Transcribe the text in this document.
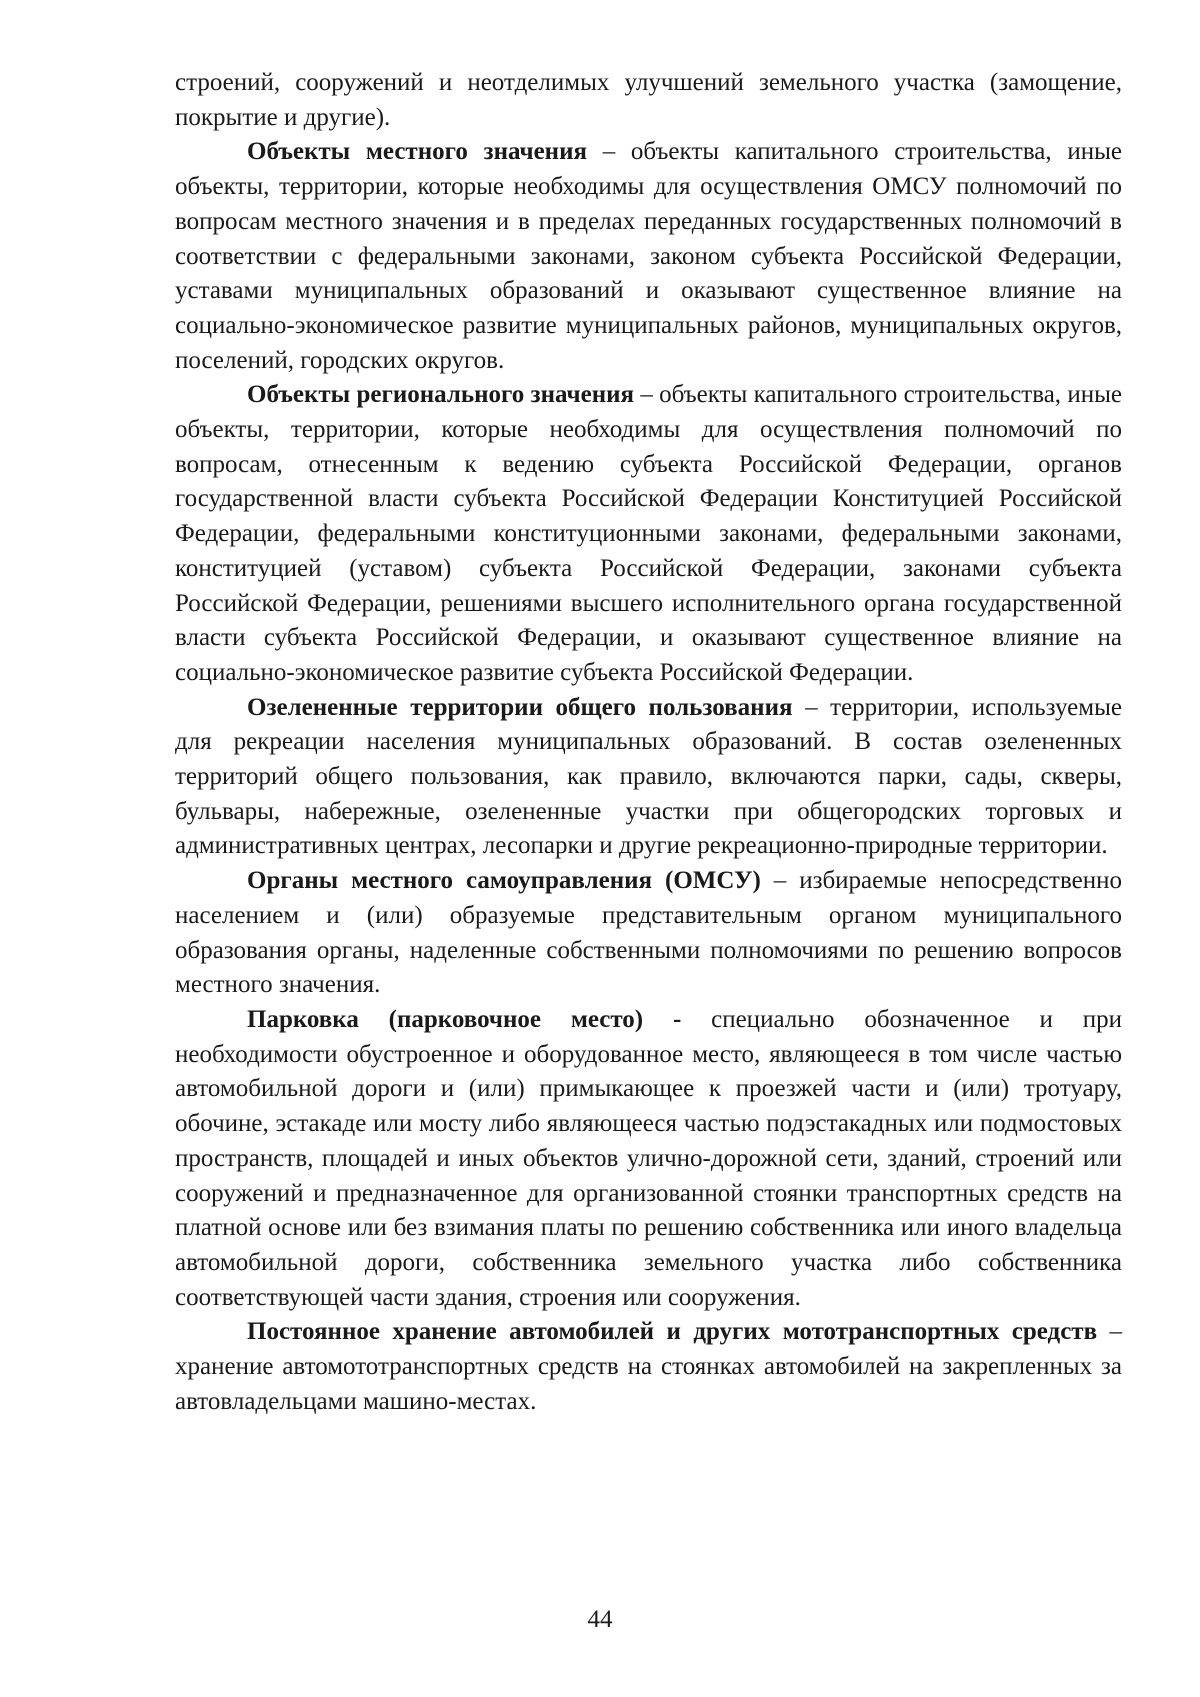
строений, сооружений и неотделимых улучшений земельного участка (замощение, покрытие и другие).

Объекты местного значения – объекты капитального строительства, иные объекты, территории, которые необходимы для осуществления ОМСУ полномочий по вопросам местного значения и в пределах переданных государственных полномочий в соответствии с федеральными законами, законом субъекта Российской Федерации, уставами муниципальных образований и оказывают существенное влияние на социально-экономическое развитие муниципальных районов, муниципальных округов, поселений, городских округов.

Объекты регионального значения – объекты капитального строительства, иные объекты, территории, которые необходимы для осуществления полномочий по вопросам, отнесенным к ведению субъекта Российской Федерации, органов государственной власти субъекта Российской Федерации Конституцией Российской Федерации, федеральными конституционными законами, федеральными законами, конституцией (уставом) субъекта Российской Федерации, законами субъекта Российской Федерации, решениями высшего исполнительного органа государственной власти субъекта Российской Федерации, и оказывают существенное влияние на социально-экономическое развитие субъекта Российской Федерации.

Озелененные территории общего пользования – территории, используемые для рекреации населения муниципальных образований. В состав озелененных территорий общего пользования, как правило, включаются парки, сады, скверы, бульвары, набережные, озелененные участки при общегородских торговых и административных центрах, лесопарки и другие рекреационно-природные территории.

Органы местного самоуправления (ОМСУ) – избираемые непосредственно населением и (или) образуемые представительным органом муниципального образования органы, наделенные собственными полномочиями по решению вопросов местного значения.

Парковка (парковочное место) - специально обозначенное и при необходимости обустроенное и оборудованное место, являющееся в том числе частью автомобильной дороги и (или) примыкающее к проезжей части и (или) тротуару, обочине, эстакаде или мосту либо являющееся частью подэстакадных или подмостовых пространств, площадей и иных объектов улично-дорожной сети, зданий, строений или сооружений и предназначенное для организованной стоянки транспортных средств на платной основе или без взимания платы по решению собственника или иного владельца автомобильной дороги, собственника земельного участка либо собственника соответствующей части здания, строения или сооружения.

Постоянное хранение автомобилей и других мототранспортных средств – хранение автомототранспортных средств на стоянках автомобилей на закрепленных за автовладельцами машино-местах.

44
